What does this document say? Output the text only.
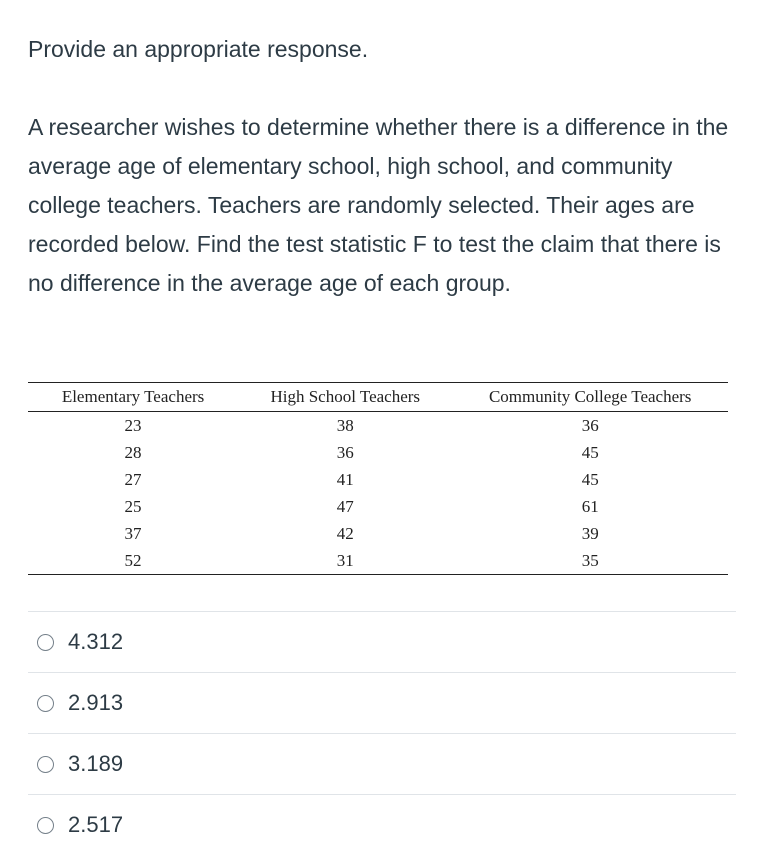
Provide an appropriate response.

A researcher wishes to determine whether there is a difference in the average age of elementary school, high school, and community college teachers. Teachers are randomly selected. Their ages are recorded below. Find the test statistic F to test the claim that there is no difference in the average age of each group.

Elementary Teachers	High School Teachers	Community College Teachers
23	38	36
28	36	45
27	41	45
25	47	61
37	42	39
52	31	35
4.312
2.913
3.189
2.517
